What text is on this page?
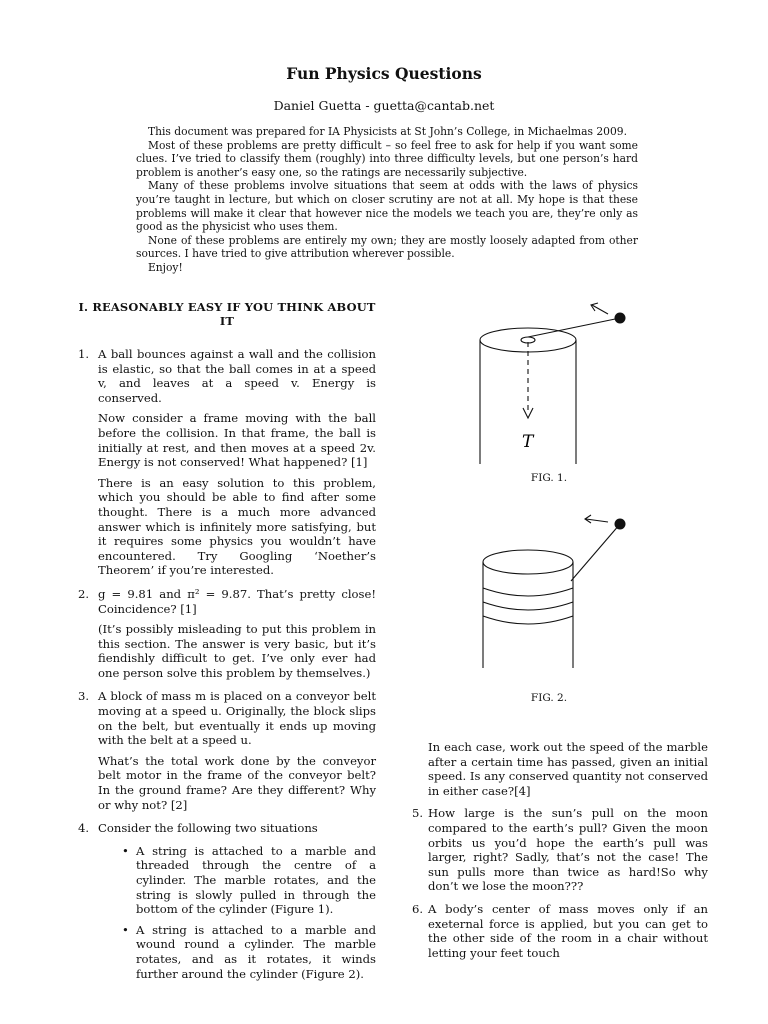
Fun Physics Questions
Daniel Guetta - guetta@cantab.net

This document was prepared for IA Physicists at St John’s College, in Michaelmas 2009.

Most of these problems are pretty difficult – so feel free to ask for help if you want some clues. I’ve tried to classify them (roughly) into three difficulty levels, but one person’s hard problem is another’s easy one, so the ratings are necessarily subjective.

Many of these problems involve situations that seem at odds with the laws of physics you’re taught in lecture, but which on closer scrutiny are not at all. My hope is that these problems will make it clear that however nice the models we teach you are, they’re only as good as the physicist who uses them.

None of these problems are entirely my own; they are mostly loosely adapted from other sources. I have tried to give attribution wherever possible.

Enjoy!

I. REASONABLY EASY IF YOU THINK ABOUT IT
1. A ball bounces against a wall and the collision is elastic, so that the ball comes in at a speed v, and leaves at a speed v. Energy is conserved.

Now consider a frame moving with the ball before the collision. In that frame, the ball is initially at rest, and then moves at a speed 2v. Energy is not conserved! What happened? [1]

There is an easy solution to this problem, which you should be able to find after some thought. There is a much more advanced answer which is infinitely more satisfying, but it requires some physics you wouldn’t have encountered. Try Googling ‘Noether’s Theorem’ if you’re interested.

2. g = 9.81 and π² = 9.87. That’s pretty close! Coincidence? [1]

(It’s possibly misleading to put this problem in this section. The answer is very basic, but it’s fiendishly difficult to get. I’ve only ever had one person solve this problem by themselves.)

3. A block of mass m is placed on a conveyor belt moving at a speed u. Originally, the block slips on the belt, but eventually it ends up moving with the belt at a speed u.

What’s the total work done by the conveyor belt motor in the frame of the conveyor belt? In the ground frame? Are they different? Why or why not? [2]

4. Consider the following two situations

• A string is attached to a marble and threaded through the centre of a cylinder. The marble rotates, and the string is slowly pulled in through the bottom of the cylinder (Figure 1).
• A string is attached to a marble and wound round a cylinder. The marble rotates, and as it rotates, it winds further around the cylinder (Figure 2).
T
FIG. 1.
FIG. 2.

In each case, work out the speed of the marble after a certain time has passed, given an initial speed. Is any conserved quantity not conserved in either case?[4]

5. How large is the sun’s pull on the moon compared to the earth’s pull? Given the moon orbits us you’d hope the earth’s pull was larger, right? Sadly, that’s not the case! The sun pulls more than twice as hard!So why don’t we lose the moon???
6. A body’s center of mass moves only if an exeternal force is applied, but you can get to the other side of the room in a chair without letting your feet touch
